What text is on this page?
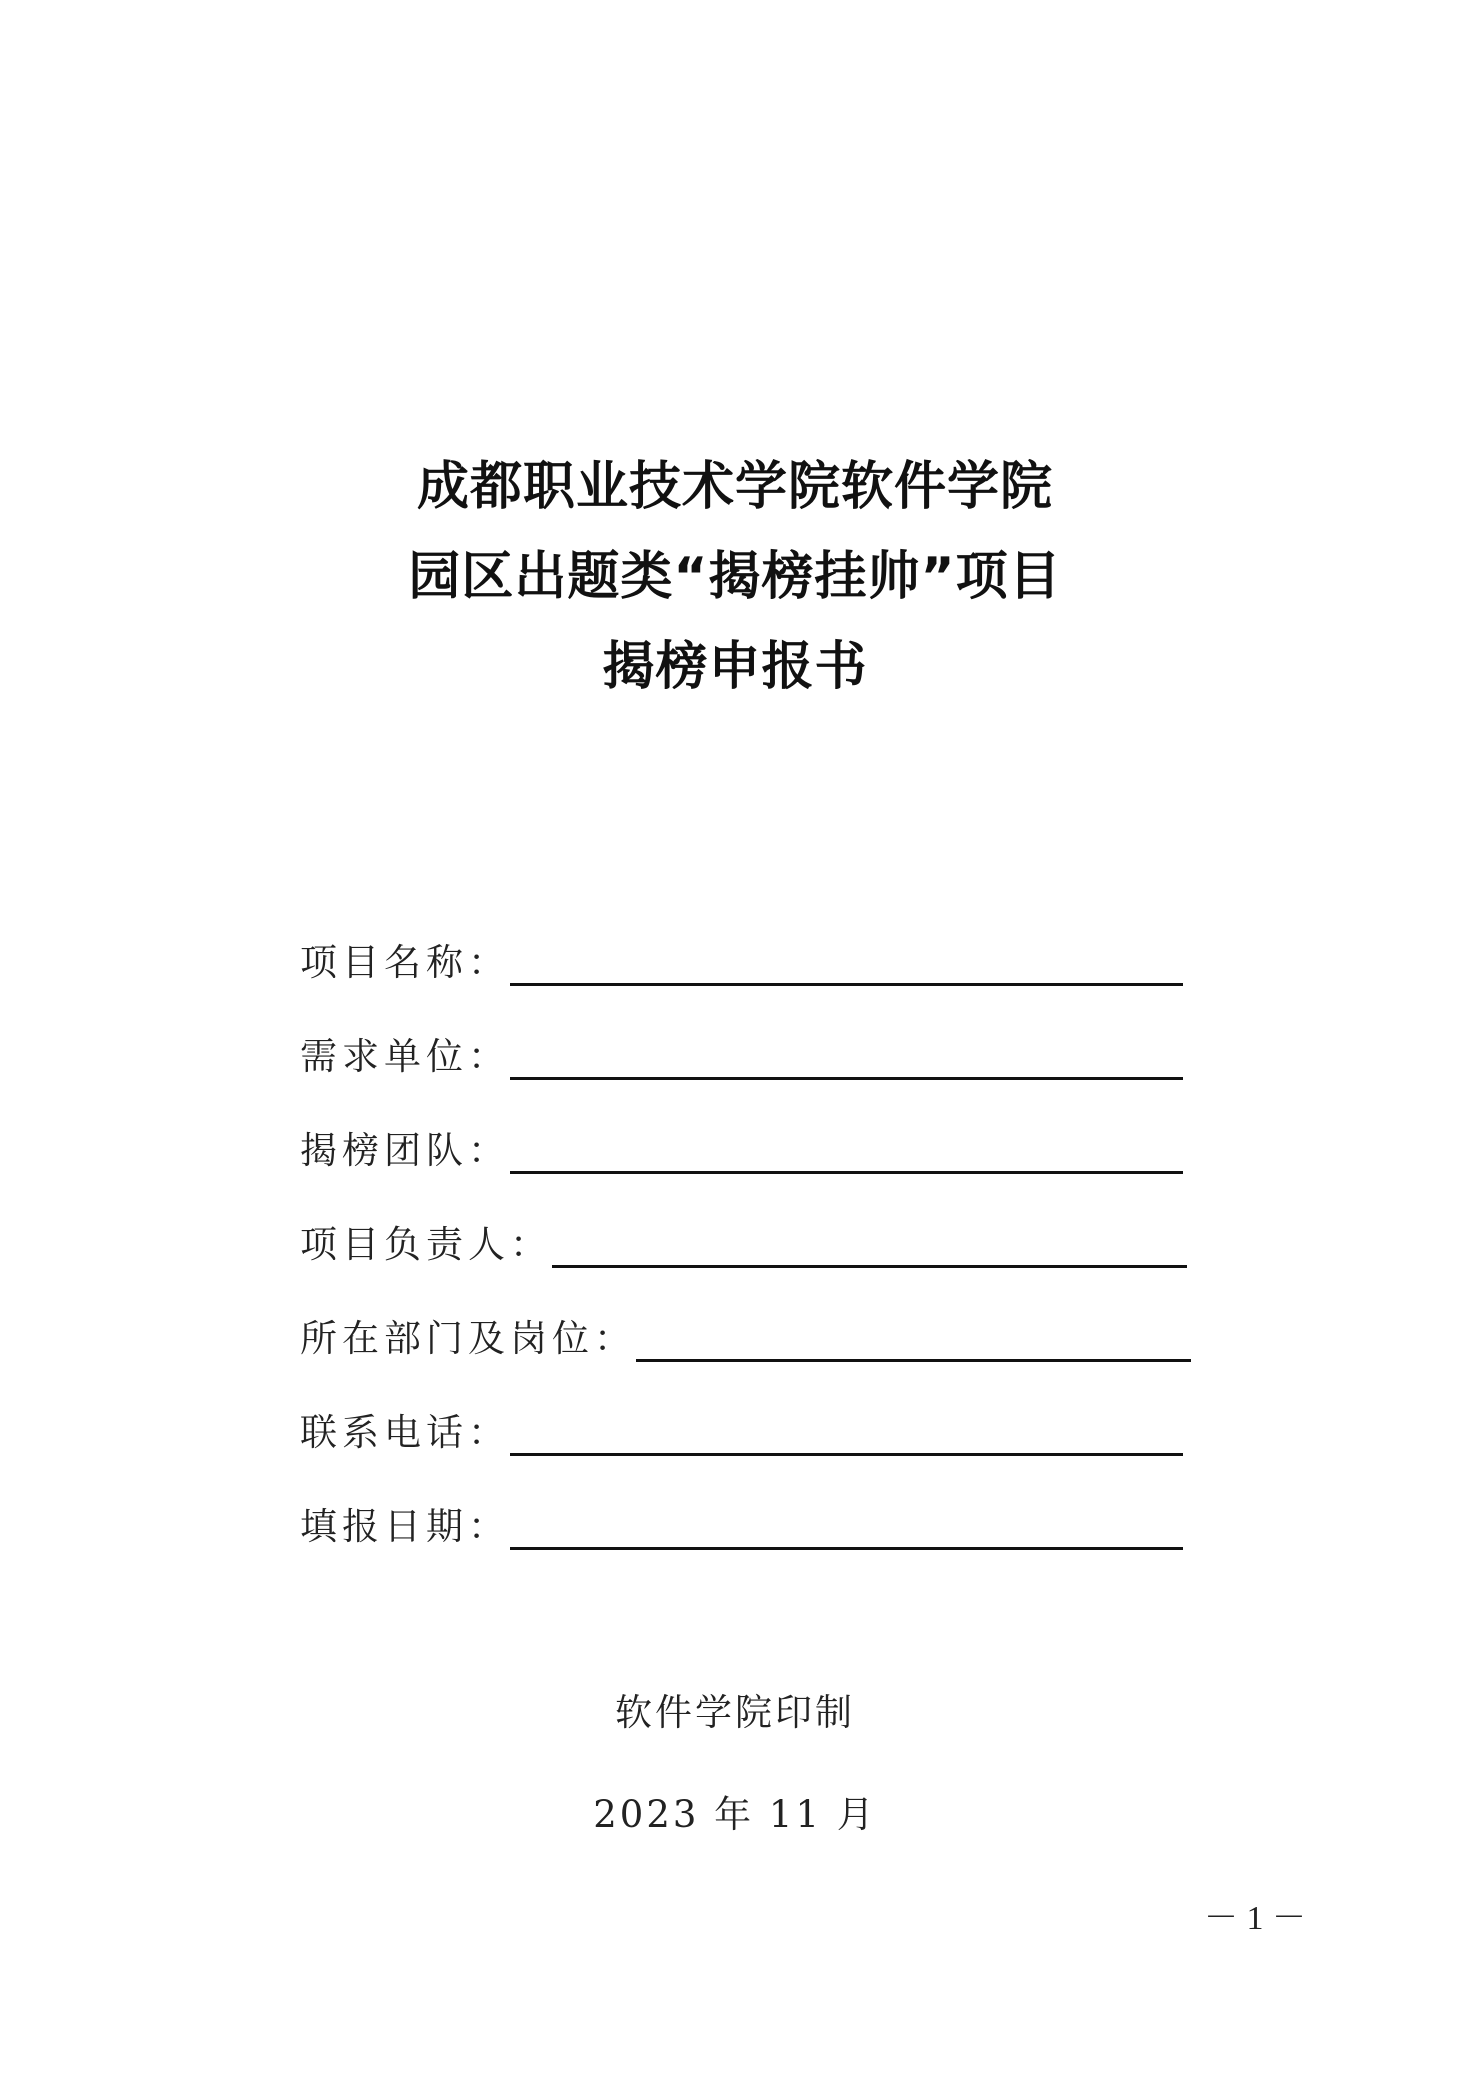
成都职业技术学院软件学院
园区出题类“揭榜挂帅”项目
揭榜申报书
项目名称：
需求单位：
揭榜团队：
项目负责人：
所在部门及岗位：
联系电话：
填报日期：
软件学院印制
2023 年 11 月
－ 1 －
